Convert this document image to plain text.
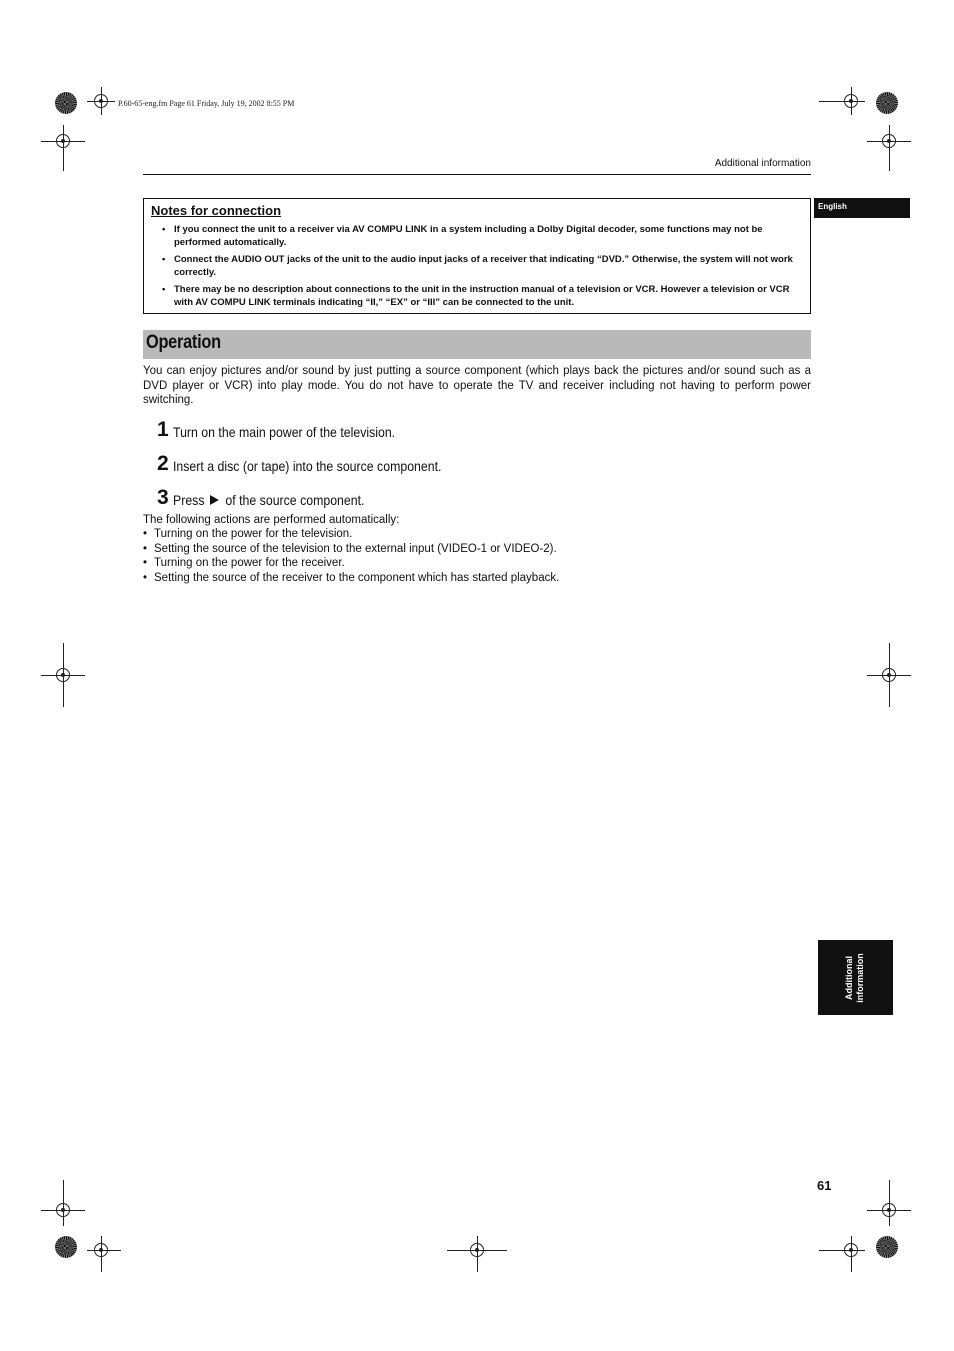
P.60-65-eng.fm Page 61 Friday, July 19, 2002 8:55 PM
Additional information
English
Notes for connection
• If you connect the unit to a receiver via AV COMPU LINK in a system including a Dolby Digital decoder, some functions may not be performed automatically.
• Connect the AUDIO OUT jacks of the unit to the audio input jacks of a receiver that indicating “DVD.” Otherwise, the system will not work correctly.
• There may be no description about connections to the unit in the instruction manual of a television or VCR. However a television or VCR with AV COMPU LINK terminals indicating “II,” “EX” or “III” can be connected to the unit.
Operation
You can enjoy pictures and/or sound by just putting a source component (which plays back the pictures and/or sound such as a DVD player or VCR) into play mode. You do not have to operate the TV and receiver including not having to perform power switching.
1 Turn on the main power of the television.
2 Insert a disc (or tape) into the source component.
3 Press of the source component.
The following actions are performed automatically:
• Turning on the power for the television.
• Setting the source of the television to the external input (VIDEO-1 or VIDEO-2).
• Turning on the power for the receiver.
• Setting the source of the receiver to the component which has started playback.
Additional information
61
